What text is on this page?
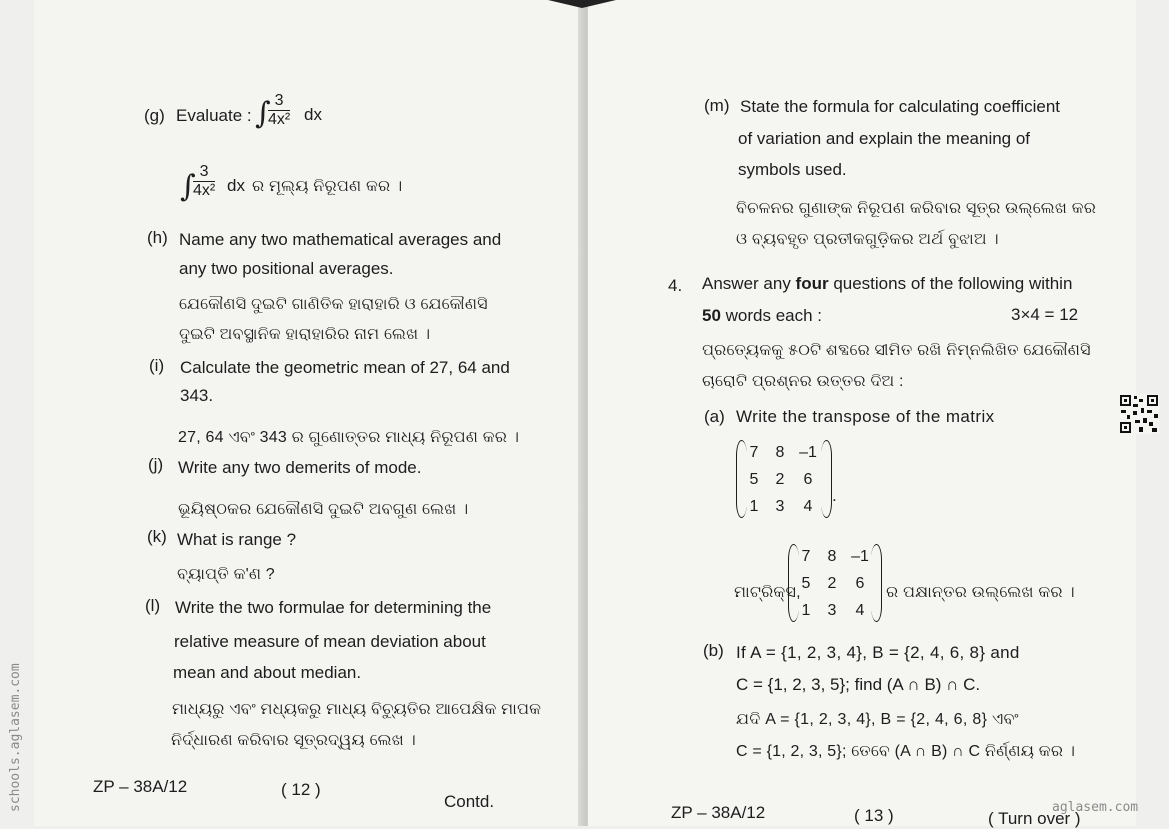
schools.aglasem.com	aglasem.com
(g) Evaluate : ∫
$\frac{3}{\text{4x²}}$ dx
∫
$\frac{3}{\text{4x²}}$ dx ର ମୂଲ୍ୟ ନିରୂପଣ କର ।
(h) Name any two mathematical averages and
any two positional averages.
ଯେକୌଣସି ଦୁଇଟି ଗାଣିତିକ ହାରାହାରି ଓ ଯେକୌଣସି
ଦୁଇଟି ଅବସ୍ଥାନିକ ହାରାହାରିର ନାମ ଲେଖ ।
(i) Calculate the geometric mean of 27, 64 and
343.
27, 64 ଏବଂ 343 ର ଗୁଣୋତ୍ତର ମାଧ୍ୟ ନିରୂପଣ କର ।
(j) Write any two demerits of mode.
ଭୂୟିଷ୍ଠକର ଯେକୌଣସି ଦୁଇଟି ଅବଗୁଣ ଲେଖ ।
(k) What is range ?
ବ୍ୟାପ୍ତି କ'ଣ ?
(l) Write the two formulae for determining the
relative measure of mean deviation about
mean and about median.
ମାଧ୍ୟରୁ ଏବଂ ମଧ୍ୟକରୁ ମାଧ୍ୟ ବିଚ୍ୟୁତିର ଆପେକ୍ଷିକ ମାପକ
ନିର୍ଦ୍ଧାରଣ କରିବାର ସୂତ୍ରଦ୍ୱୟ ଲେଖ ।
ZP – 38A/12	( 12 )
Contd.
(m) State the formula for calculating coefficient
of variation and explain the meaning of
symbols used.
ବିଚଳନର ଗୁଣାଙ୍କ ନିରୂପଣ କରିବାର ସୂତ୍ର ଉଲ୍ଲେଖ କର
ଓ ବ୍ୟବହୃତ ପ୍ରତୀକଗୁଡ଼ିକର ଅର୍ଥ ବୁଝାଅ ।
4. Answer any four questions of the following within
50 words each :	3×4 = 12
ପ୍ରତ୍ୟେକକୁ ୫୦ଟି ଶବ୍ଦରେ ସୀମିତ ରଖି ନିମ୍ନଲିଖିତ ଯେକୌଣସି
ଚାରୋଟି ପ୍ରଶ୍ନର ଉତ୍ତର ଦିଅ :
(a) Write the transpose of the matrix
7	8 –1
5	2	6
1	3	4
.
ମାଟ୍ରିକ୍ସ,
7	8 –1
5	2	6
1	3	4
ର ପକ୍ଷାନ୍ତର ଉଲ୍ଲେଖ କର ।
(b) If A = {1, 2, 3, 4}, B = {2, 4, 6, 8} and
C = {1, 2, 3, 5}; find (A ∩ B) ∩ C.
ଯଦି A = {1, 2, 3, 4}, B = {2, 4, 6, 8} ଏବଂ
C = {1, 2, 3, 5}; ତେବେ (A ∩ B) ∩ C ନିର୍ଣ୍ଣୟ କର ।
ZP – 38A/12	( 13 )	( Turn over )
